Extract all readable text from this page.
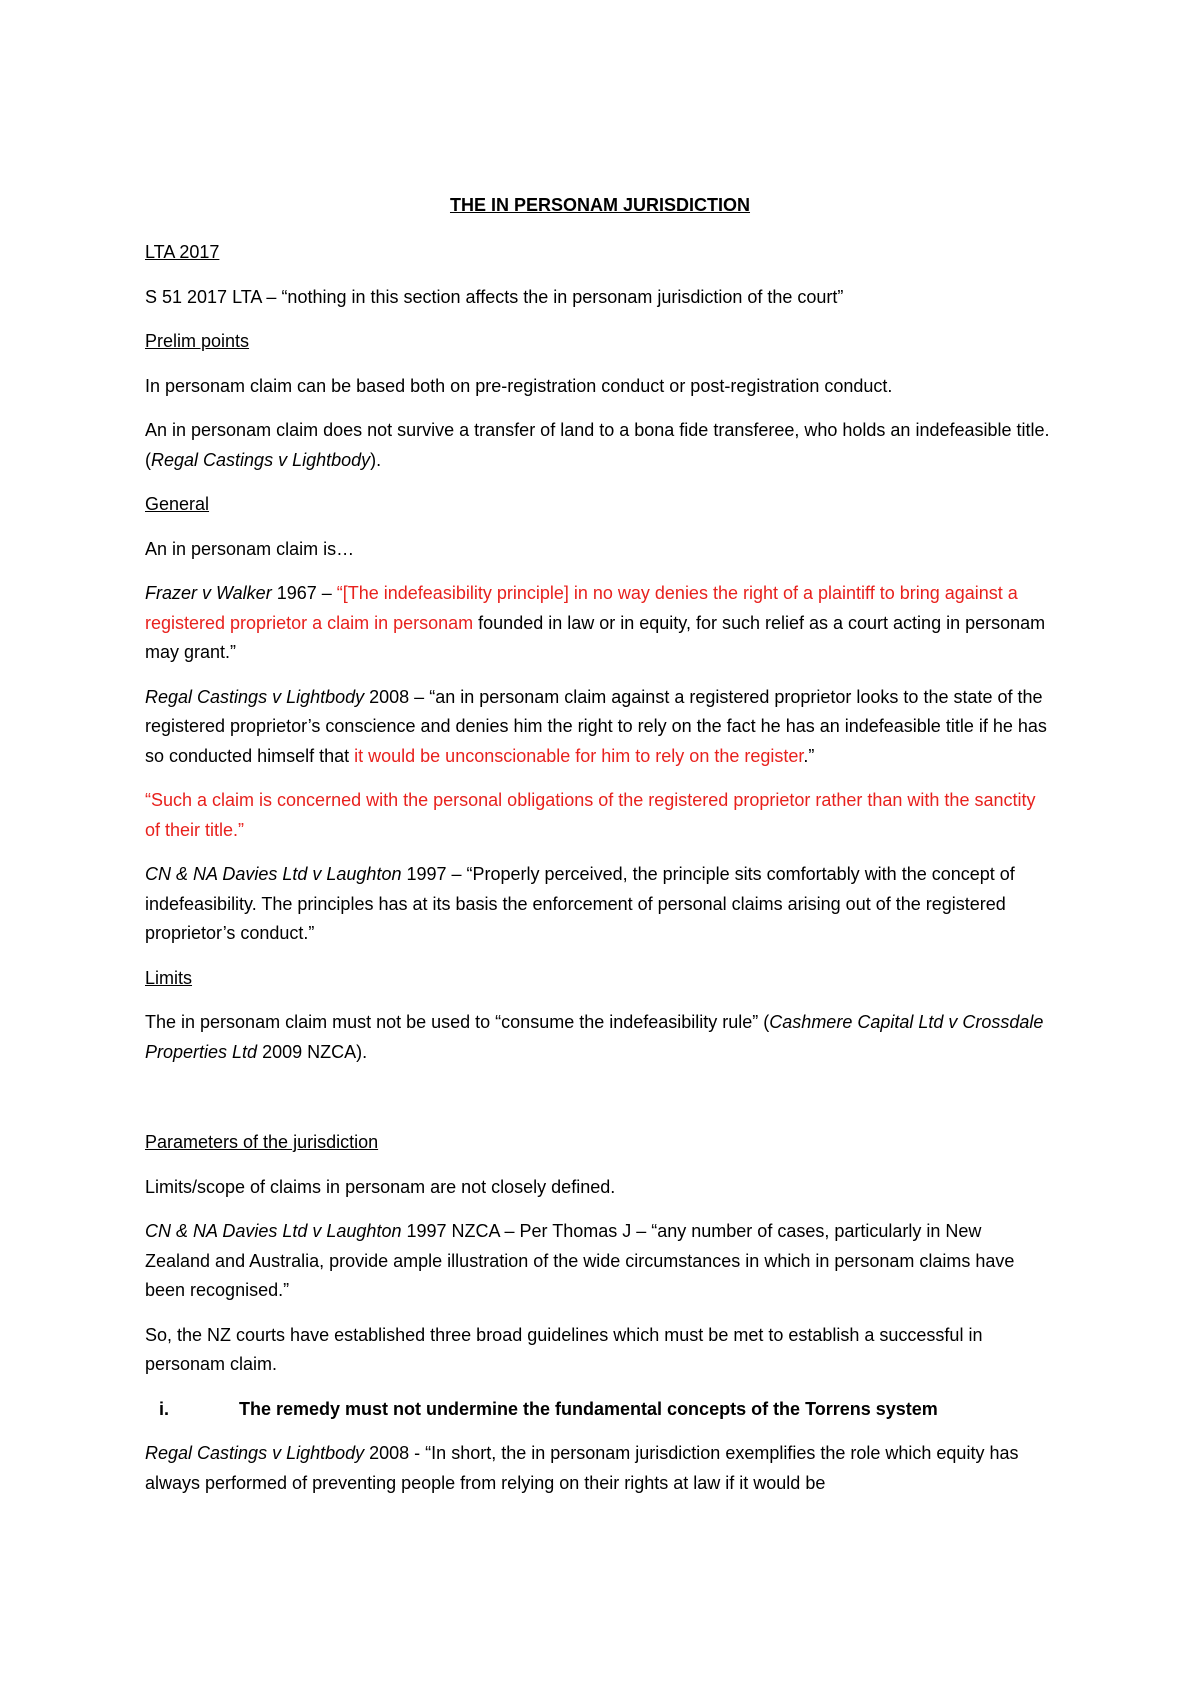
THE IN PERSONAM JURISDICTION

LTA 2017

S 51 2017 LTA – “nothing in this section affects the in personam jurisdiction of the court”

Prelim points

In personam claim can be based both on pre-registration conduct or post-registration conduct.

An in personam claim does not survive a transfer of land to a bona fide transferee, who holds an indefeasible title. (Regal Castings v Lightbody).

General

An in personam claim is…

Frazer v Walker 1967 – “[The indefeasibility principle] in no way denies the right of a plaintiff to bring against a registered proprietor a claim in personam founded in law or in equity, for such relief as a court acting in personam may grant.”

Regal Castings v Lightbody 2008 – “an in personam claim against a registered proprietor looks to the state of the registered proprietor’s conscience and denies him the right to rely on the fact he has an indefeasible title if he has so conducted himself that it would be unconscionable for him to rely on the register.”

“Such a claim is concerned with the personal obligations of the registered proprietor rather than with the sanctity of their title.”

CN & NA Davies Ltd v Laughton 1997 – “Properly perceived, the principle sits comfortably with the concept of indefeasibility. The principles has at its basis the enforcement of personal claims arising out of the registered proprietor’s conduct.”

Limits

The in personam claim must not be used to “consume the indefeasibility rule” (Cashmere Capital Ltd v Crossdale Properties Ltd 2009 NZCA).

Parameters of the jurisdiction

Limits/scope of claims in personam are not closely defined.

CN & NA Davies Ltd v Laughton 1997 NZCA – Per Thomas J – “any number of cases, particularly in New Zealand and Australia, provide ample illustration of the wide circumstances in which in personam claims have been recognised.”

So, the NZ courts have established three broad guidelines which must be met to establish a successful in personam claim.

i.	The remedy must not undermine the fundamental concepts of the Torrens system

Regal Castings v Lightbody 2008 - “In short, the in personam jurisdiction exemplifies the role which equity has always performed of preventing people from relying on their rights at law if it would be
